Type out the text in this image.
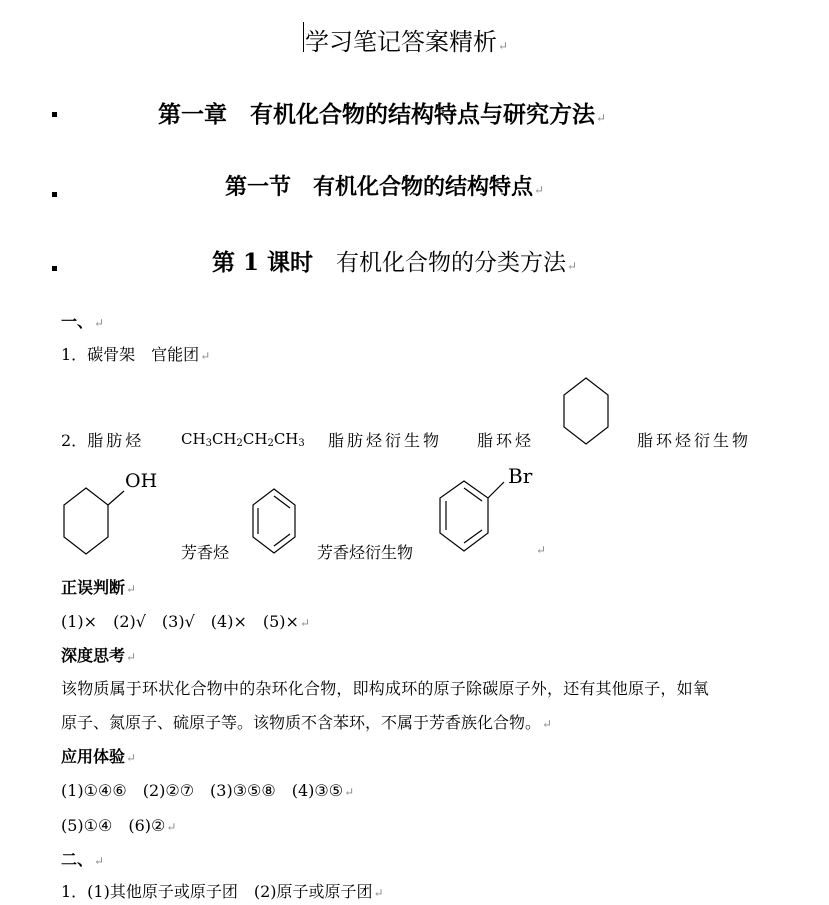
学习笔记答案精析↵
第一章　有机化合物的结构特点与研究方法↵
第一节　有机化合物的结构特点↵
第 1 课时　 有机化合物的分类方法↵
一、↵
1．碳骨架　官能团↵
2．脂肪烃 $CH_3CH_2CH_2CH_3$ 脂肪烃衍生物 脂环烃	脂环烃衍生物
OH
芳香烃	芳香烃衍生物
Br
↵
正误判断↵
(1)×　(2)√　(3)√　(4)×　(5)×↵
深度思考↵
该物质属于环状化合物中的杂环化合物，即构成环的原子除碳原子外，还有其他原子，如氧
原子、氮原子、硫原子等。该物质不含苯环，不属于芳香族化合物。↵
应用体验↵
(1)①④⑥　(2)②⑦　(3)③⑤⑧　(4)③⑤↵
(5)①④　(6)②↵
二、↵
1．(1)其他原子或原子团　(2)原子或原子团↵
